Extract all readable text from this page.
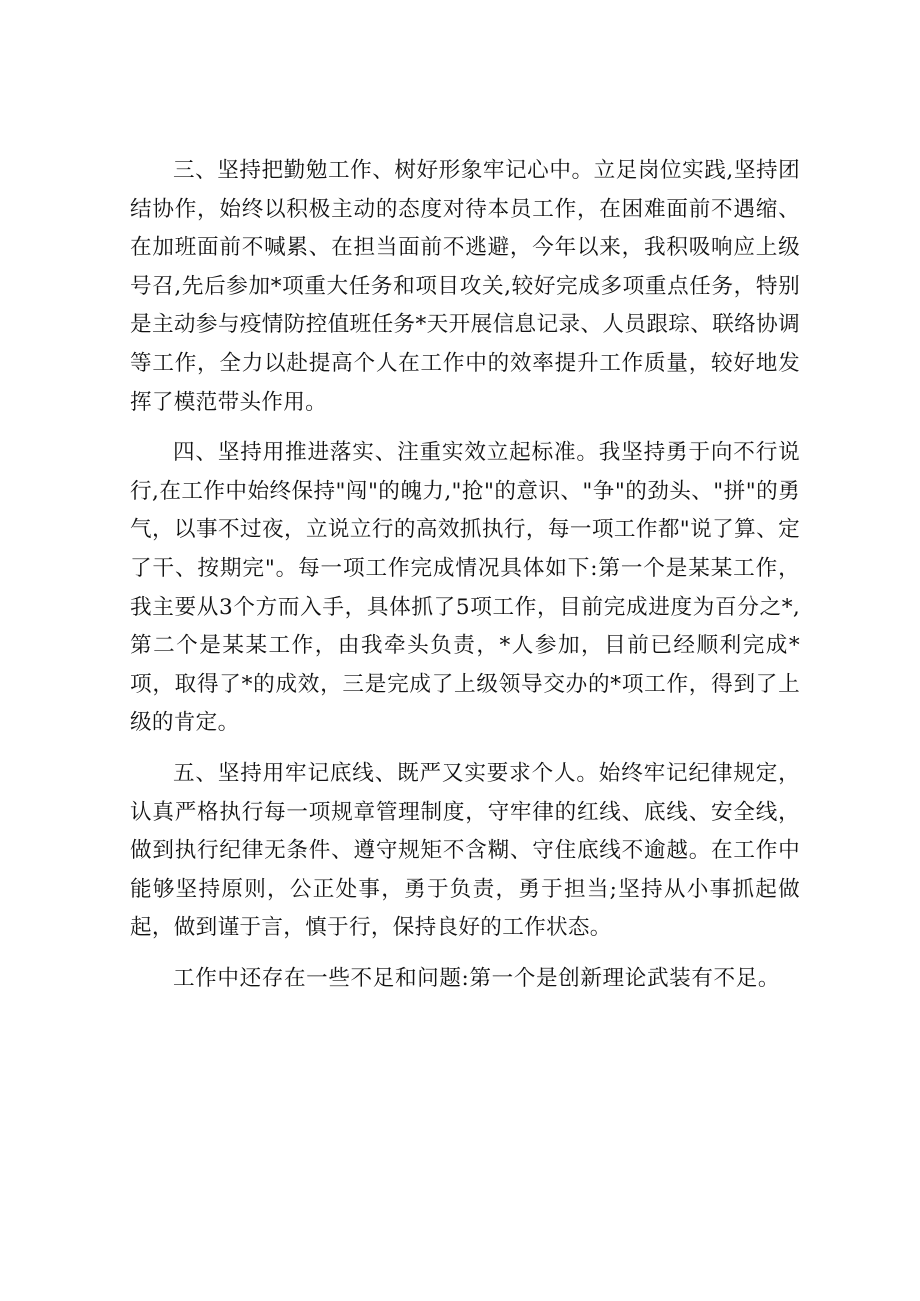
三、坚持把勤勉工作、树好形象牢记心中。立足岗位实践,坚持团结协作，始终以积极主动的态度对待本员工作，在困难面前不遇缩、在加班面前不喊累、在担当面前不逃避，今年以来，我积吸响应上级号召,先后参加*项重大任务和项目攻关,较好完成多项重点任务，特别是主动参与疫情防控值班任务*天开展信息记录、人员跟琮、联络协调等工作，全力以赴提高个人在工作中的效率提升工作质量，较好地发挥了模范带头作用。

四、坚持用推进落实、注重实效立起标准。我坚持勇于向不行说行,在工作中始终保持"闯"的魄力,"抢"的意识、"争"的劲头、"拼"的勇气，以事不过夜，立说立行的高效抓执行，每一项工作都"说了算、定了干、按期完"。每一项工作完成情况具体如下:第一个是某某工作，我主要从3个方而入手，具体抓了5项工作，目前完成进度为百分之*,第二个是某某工作，由我牵头负责，*人参加，目前已经顺利完成*项，取得了*的成效，三是完成了上级领导交办的*项工作，得到了上级的肯定。

五、坚持用牢记底线、既严又实要求个人。始终牢记纪律规定，认真严格执行每一项规章管理制度，守牢律的红线、底线、安全线，做到执行纪律无条件、遵守规矩不含糊、守住底线不逾越。在工作中能够坚持原则，公正处事，勇于负责，勇于担当;坚持从小事抓起做起，做到谨于言，慎于行，保持良好的工作状态。

工作中还存在一些不足和问题:第一个是创新理论武装有不足。
